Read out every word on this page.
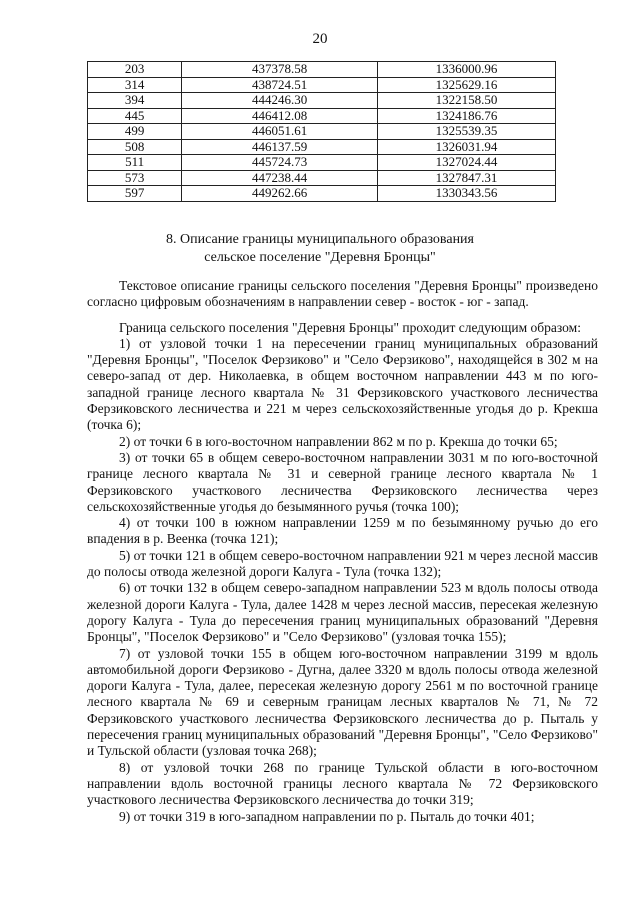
20
203	437378.58	1336000.96
314	438724.51	1325629.16
394	444246.30	1322158.50
445	446412.08	1324186.76
499	446051.61	1325539.35
508	446137.59	1326031.94
511	445724.73	1327024.44
573	447238.44	1327847.31
597	449262.66	1330343.56
8. Описание границы муниципального образования
сельское поселение "Деревня Бронцы"

Текстовое описание границы сельского поселения "Деревня Бронцы" произведено согласно цифровым обозначениям в направлении север - восток - юг - запад.

Граница сельского поселения "Деревня Бронцы" проходит следующим образом:

1) от узловой точки 1 на пересечении границ муниципальных образований "Деревня Бронцы", "Поселок Ферзиково" и "Село Ферзиково", находящейся в 302 м на северо-запад от дер. Николаевка, в общем восточном направлении 443 м по юго-западной границе лесного квартала № 31 Ферзиковского участкового лесничества Ферзиковского лесничества и 221 м через сельскохозяйственные угодья до р. Крекша (точка 6);

2) от точки 6 в юго-восточном направлении 862 м по р. Крекша до точки 65;

3) от точки 65 в общем северо-восточном направлении 3031 м по юго-восточной границе лесного квартала № 31 и северной границе лесного квартала № 1 Ферзиковского участкового лесничества Ферзиковского лесничества через сельскохозяйственные угодья до безымянного ручья (точка 100);

4) от точки 100 в южном направлении 1259 м по безымянному ручью до его впадения в р. Веенка (точка 121);

5) от точки 121 в общем северо-восточном направлении 921 м через лесной массив до полосы отвода железной дороги Калуга - Тула (точка 132);

6) от точки 132 в общем северо-западном направлении 523 м вдоль полосы отвода железной дороги Калуга - Тула, далее 1428 м через лесной массив, пересекая железную дорогу Калуга - Тула до пересечения границ муниципальных образований "Деревня Бронцы", "Поселок Ферзиково" и "Село Ферзиково" (узловая точка 155);

7) от узловой точки 155 в общем юго-восточном направлении 3199 м вдоль автомобильной дороги Ферзиково - Дугна, далее 3320 м вдоль полосы отвода железной дороги Калуга - Тула, далее, пересекая железную дорогу 2561 м по восточной границе лесного квартала № 69 и северным границам лесных кварталов № 71, № 72 Ферзиковского участкового лесничества Ферзиковского лесничества до р. Пыталь у пересечения границ муниципальных образований "Деревня Бронцы", "Село Ферзиково" и Тульской области (узловая точка 268);

8) от узловой точки 268 по границе Тульской области в юго-восточном направлении вдоль восточной границы лесного квартала № 72 Ферзиковского участкового лесничества Ферзиковского лесничества до точки 319;

9) от точки 319 в юго-западном направлении по р. Пыталь до точки 401;
